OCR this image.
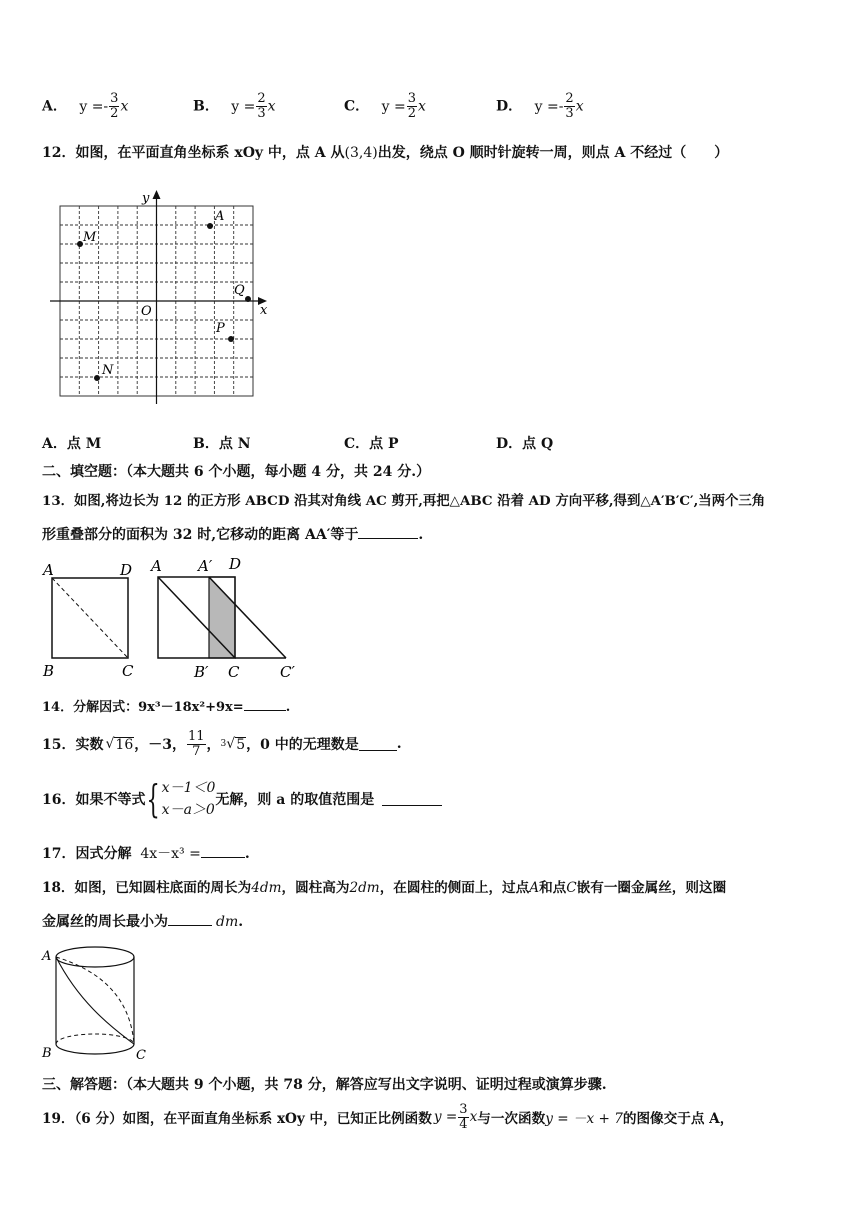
A． $y =- \frac{3}{2}$ x	B． $y = \frac{2}{3}$ x	C． $y = \frac{3}{2}$ x	D． $y =- \frac{2}{3}$ x
12．如图，在平面直角坐标系 xOy 中，点 A 从(3,4)出发，绕点 O 顺时针旋转一周，则点 A 不经过（　　）
y
x
O
A
M
Q
P
N
A．点 M	B．点 N	C．点 P	D．点 Q
二、填空题：（本大题共 6 个小题，每小题 4 分，共 24 分.）
13．如图,将边长为 12 的正方形 ABCD 沿其对角线 AC 剪开,再把△ABC 沿着 AD 方向平移,得到△A′B′C′,当两个三角
形重叠部分的面积为 32 时,它移动的距离 AA′等于	.
A	D
B	C
A A′ D
B′ C	C′
14．分解因式：9x³－18x²+9x=	.
15．实数 √ 16 ，－3， $\frac{11}{7}$ ， 3 √ 5 ，0 中的无理数是	.
16．如果不等式 { x－1＜0
x－a＞0
无解，则 a 的取值范围是
17．因式分解 4x－x³ =	.
18．如图，已知圆柱底面的周长为4dm，圆柱高为2dm，在圆柱的侧面上，过点A和点C嵌有一圈金属丝，则这圈
金属丝的周长最小为	dm.
A
B	C
三、解答题：（本大题共 9 个小题，共 78 分，解答应写出文字说明、证明过程或演算步骤.
19．（6 分）如图，在平面直角坐标系 xOy 中，已知正比例函数 $y = \frac{3}{4}$ x 与一次函数 y = －x + 7 的图像交于点 A，
